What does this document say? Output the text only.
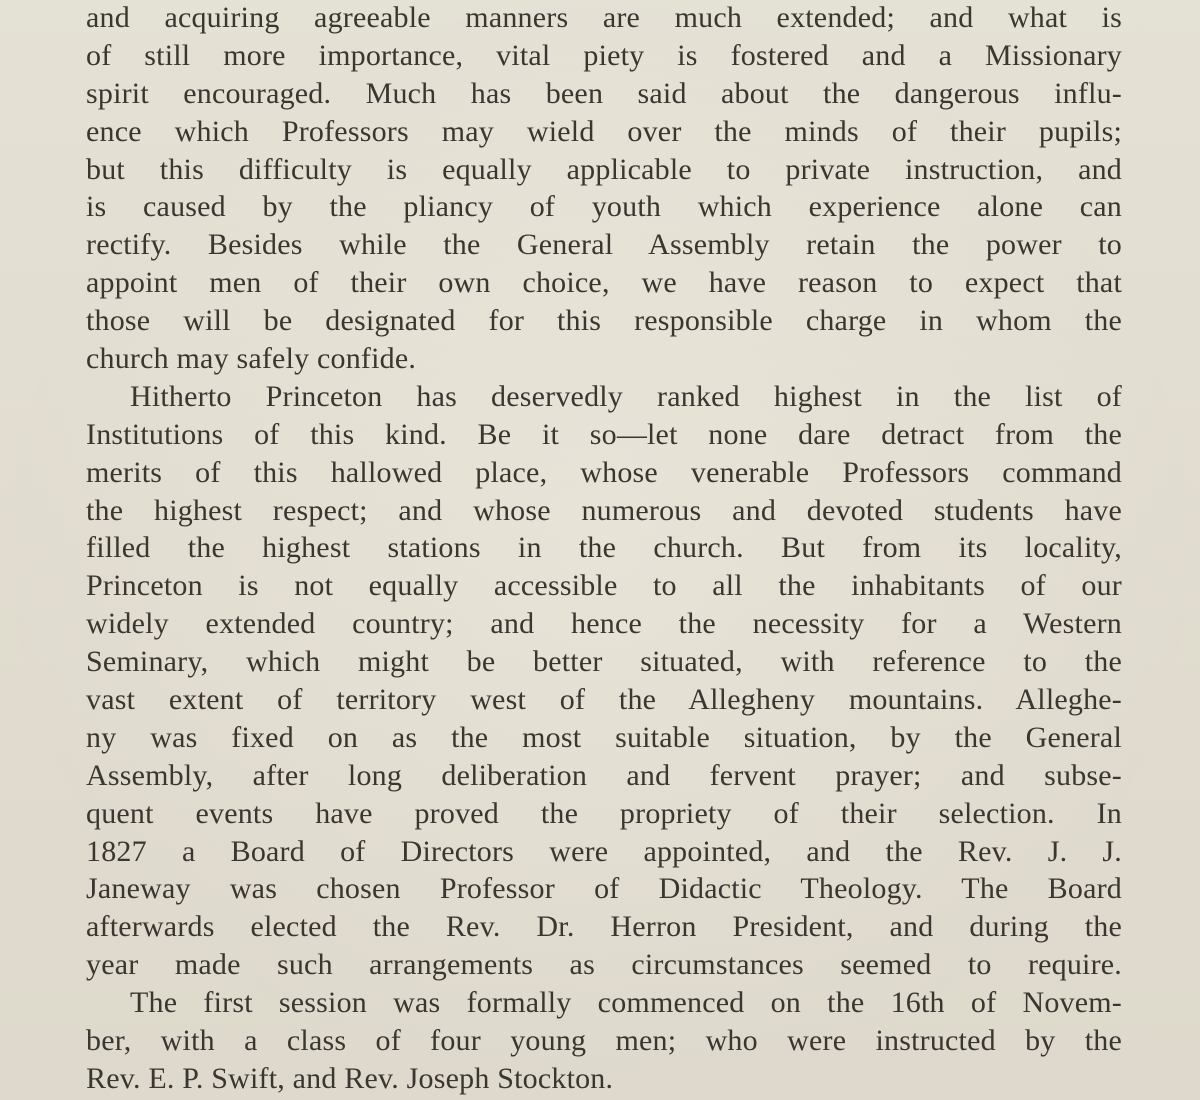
and acquiring agreeable manners are much extended; and what is
of still more importance, vital piety is fostered and a Missionary
spirit encouraged. Much has been said about the dangerous influ-
ence which Professors may wield over the minds of their pupils;
but this difficulty is equally applicable to private instruction, and
is caused by the pliancy of youth which experience alone can
rectify. Besides while the General Assembly retain the power to
appoint men of their own choice, we have reason to expect that
those will be designated for this responsible charge in whom the
church may safely confide.
Hitherto Princeton has deservedly ranked highest in the list of
Institutions of this kind. Be it so—let none dare detract from the
merits of this hallowed place, whose venerable Professors command
the highest respect; and whose numerous and devoted students have
filled the highest stations in the church. But from its locality,
Princeton is not equally accessible to all the inhabitants of our
widely extended country; and hence the necessity for a Western
Seminary, which might be better situated, with reference to the
vast extent of territory west of the Allegheny mountains. Alleghe-
ny was fixed on as the most suitable situation, by the General
Assembly, after long deliberation and fervent prayer; and subse-
quent events have proved the propriety of their selection. In
1827 a Board of Directors were appointed, and the Rev. J. J.
Janeway was chosen Professor of Didactic Theology. The Board
afterwards elected the Rev. Dr. Herron President, and during the
year made such arrangements as circumstances seemed to require.
The first session was formally commenced on the 16th of Novem-
ber, with a class of four young men; who were instructed by the
Rev. E. P. Swift, and Rev. Joseph Stockton.
